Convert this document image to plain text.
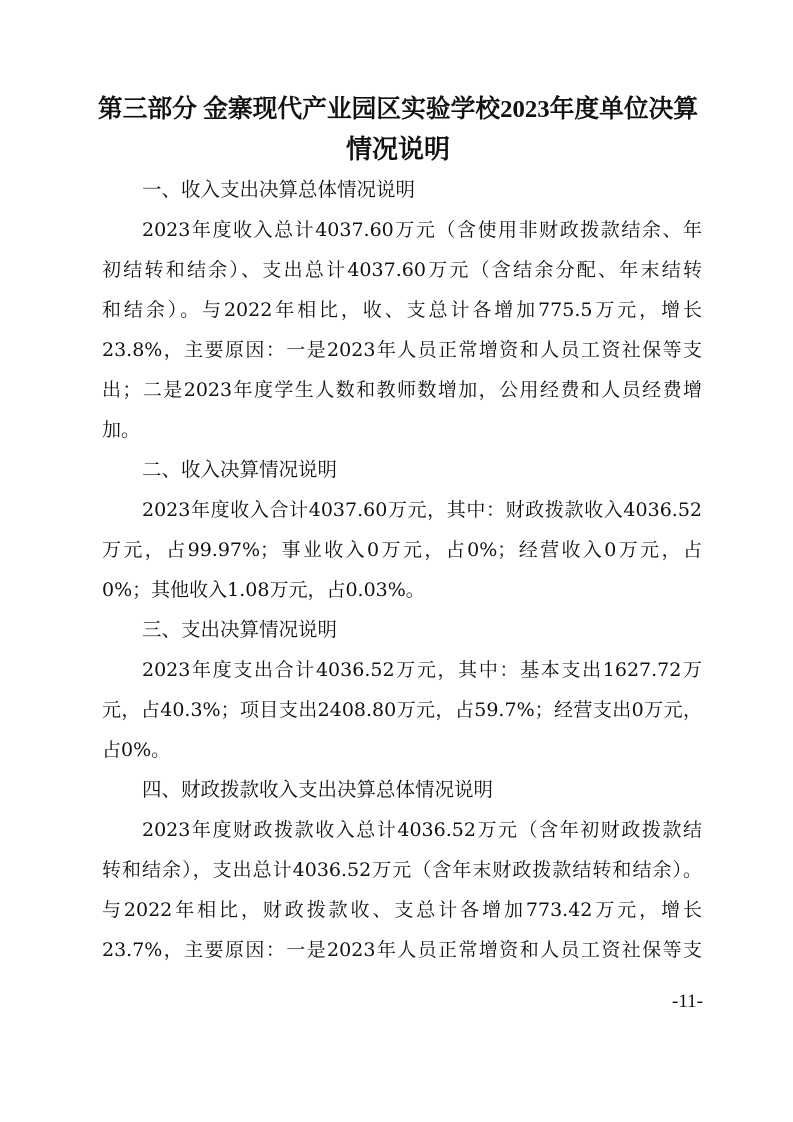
第三部分 金寨现代产业园区实验学校2023年度单位决算
情况说明
一、收入支出决算总体情况说明
2023年度收入总计4037.60万元（含使用非财政拨款结余、年
初结转和结余）、支出总计4037.60万元（含结余分配、年末结转
和结余）。与2022年相比，收、支总计各增加775.5万元，增长
23.8%，主要原因：一是2023年人员正常增资和人员工资社保等支
出；二是2023年度学生人数和教师数增加，公用经费和人员经费增
加。
二、收入决算情况说明
2023年度收入合计4037.60万元，其中：财政拨款收入4036.52
万元，占99.97%；事业收入0万元，占0%；经营收入0万元，占
0%；其他收入1.08万元，占0.03%。
三、支出决算情况说明
2023年度支出合计4036.52万元，其中：基本支出1627.72万
元，占40.3%；项目支出2408.80万元，占59.7%；经营支出0万元，
占0%。
四、财政拨款收入支出决算总体情况说明
2023年度财政拨款收入总计4036.52万元（含年初财政拨款结
转和结余），支出总计4036.52万元（含年末财政拨款结转和结余）。
与2022年相比，财政拨款收、支总计各增加773.42万元，增长
23.7%，主要原因：一是2023年人员正常增资和人员工资社保等支
-11-
